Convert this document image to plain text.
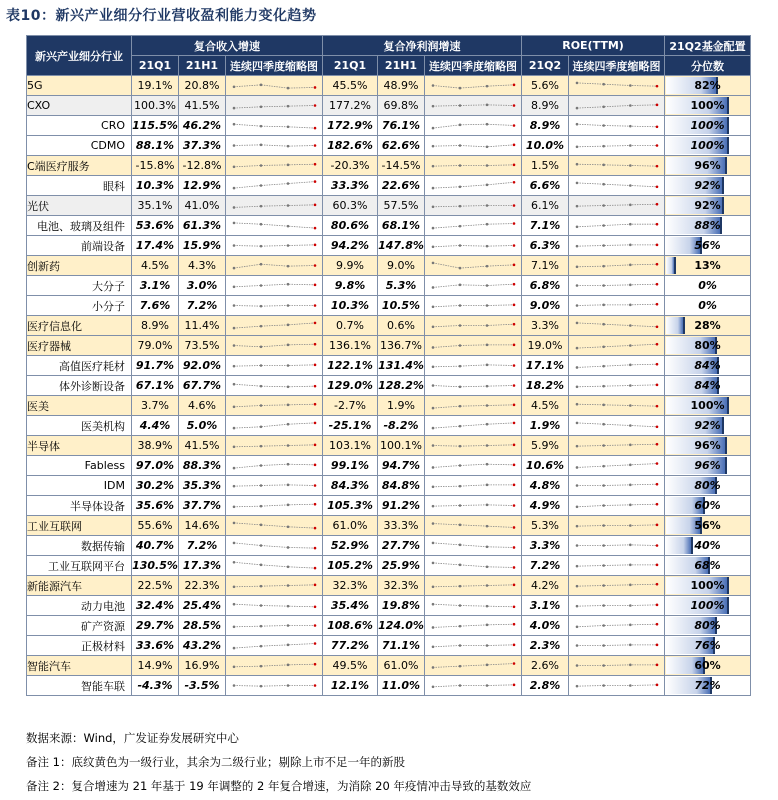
表10：新兴产业细分行业营收盈利能力变化趋势
新兴产业细分行业	复合收入增速			复合净利润增速			ROE(TTM)		21Q2基金配置
	21Q1	21H1	连续四季度缩略图	21Q1	21H1	连续四季度缩略图	21Q2	连续四季度缩略图	分位数
5G	19.1%	20.8%		45.5%	48.9%		5.6%		82%

CXO	100.3%	41.5%		177.2%	69.8%		8.9%		100%

CRO	115.5%	46.2%		172.9%	76.1%		8.9%		100%

CDMO	88.1%	37.3%		182.6%	62.6%		10.0%		100%

C端医疗服务	-15.8%	-12.8%		-20.3%	-14.5%		1.5%		96%

眼科	10.3%	12.9%		33.3%	22.6%		6.6%		92%

光伏	35.1%	41.0%		60.3%	57.5%		6.1%		92%

电池、玻璃及组件	53.6%	61.3%		80.6%	68.1%		7.1%		88%

前端设备	17.4%	15.9%		94.2%	147.8%		6.3%		56%

创新药	4.5%	4.3%		9.9%	9.0%		7.1%		13%

大分子	3.1%	3.0%		9.8%	5.3%		6.8%		0%

小分子	7.6%	7.2%		10.3%	10.5%		9.0%		0%

医疗信息化	8.9%	11.4%		0.7%	0.6%		3.3%		28%

医疗器械	79.0%	73.5%		136.1%	136.7%		19.0%		80%

高值医疗耗材	91.7%	92.0%		122.1%	131.4%		17.1%		84%

体外诊断设备	67.1%	67.7%		129.0%	128.2%		18.2%		84%

医美	3.7%	4.6%		-2.7%	1.9%		4.5%		100%

医美机构	4.4%	5.0%		-25.1%	-8.2%		1.9%		92%

半导体	38.9%	41.5%		103.1%	100.1%		5.9%		96%

Fabless	97.0%	88.3%		99.1%	94.7%		10.6%		96%

IDM	30.2%	35.3%		84.3%	84.8%		4.8%		80%

半导体设备	35.6%	37.7%		105.3%	91.2%		4.9%		60%

工业互联网	55.6%	14.6%		61.0%	33.3%		5.3%		56%

数据传输	40.7%	7.2%		52.9%	27.7%		3.3%		40%

工业互联网平台	130.5%	17.3%		105.2%	25.9%		7.2%		68%

新能源汽车	22.5%	22.3%		32.3%	32.3%		4.2%		100%

动力电池	32.4%	25.4%		35.4%	19.8%		3.1%		100%

矿产资源	29.7%	28.5%		108.6%	124.0%		4.0%		80%

正极材料	33.6%	43.2%		77.2%	71.1%		2.3%		76%

智能汽车	14.9%	16.9%		49.5%	61.0%		2.6%		60%

智能车联	-4.3%	-3.5%		12.1%	11.0%		2.8%		72%
数据来源：Wind，广发证券发展研究中心
备注 1：底纹黄色为一级行业，其余为二级行业；剔除上市不足一年的新股
备注 2：复合增速为 21 年基于 19 年调整的 2 年复合增速，为消除 20 年疫情冲击导致的基数效应
